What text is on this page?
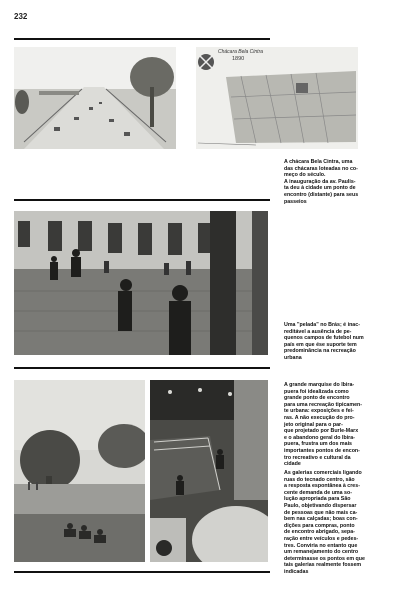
232
Chácara Bela Cintra
1890
A chácara Bela Cintra, uma
das chácaras loteadas no co-
meço do século.
A inauguração da av. Paulis-
ta deu à cidade um ponto de
encontro (distante) para seus
passeios
Uma "pelada" no Brás; é inac-
reditável a ausência de pe-
quenos campos de futebol num
país em que ése suporte tem
predominância na recreação
urbana
A grande marquise do Ibira-
puera foi idealizada como
grande ponto de encontro
para uma recreação tipicamen-
te urbana: exposições e fei-
ras. A não execução do pro-
jeto original para o par-
que projetado por Burle-Marx
e o abandono geral do Ibira-
puera, frustra um dos mais
importantes pontos de encon-
tro recreativo e cultural da
cidade
As galerias comerciais ligando
ruas do tecnado centro, são
a resposta espontânea à cres-
cente demanda de uma so-
lução apropriada para São
Paulo, objetivando dispersar
de pessoas que não mais ca-
bem nas calçadas; boas con-
dições para compras, ponto
de encontro abrigado, sepa-
ração entre veículos e pedes-
tres. Conviria no entanto que
um remanejamento do centro
determinasse os pontos em que
tais galerias realmente fossem
indicadas
